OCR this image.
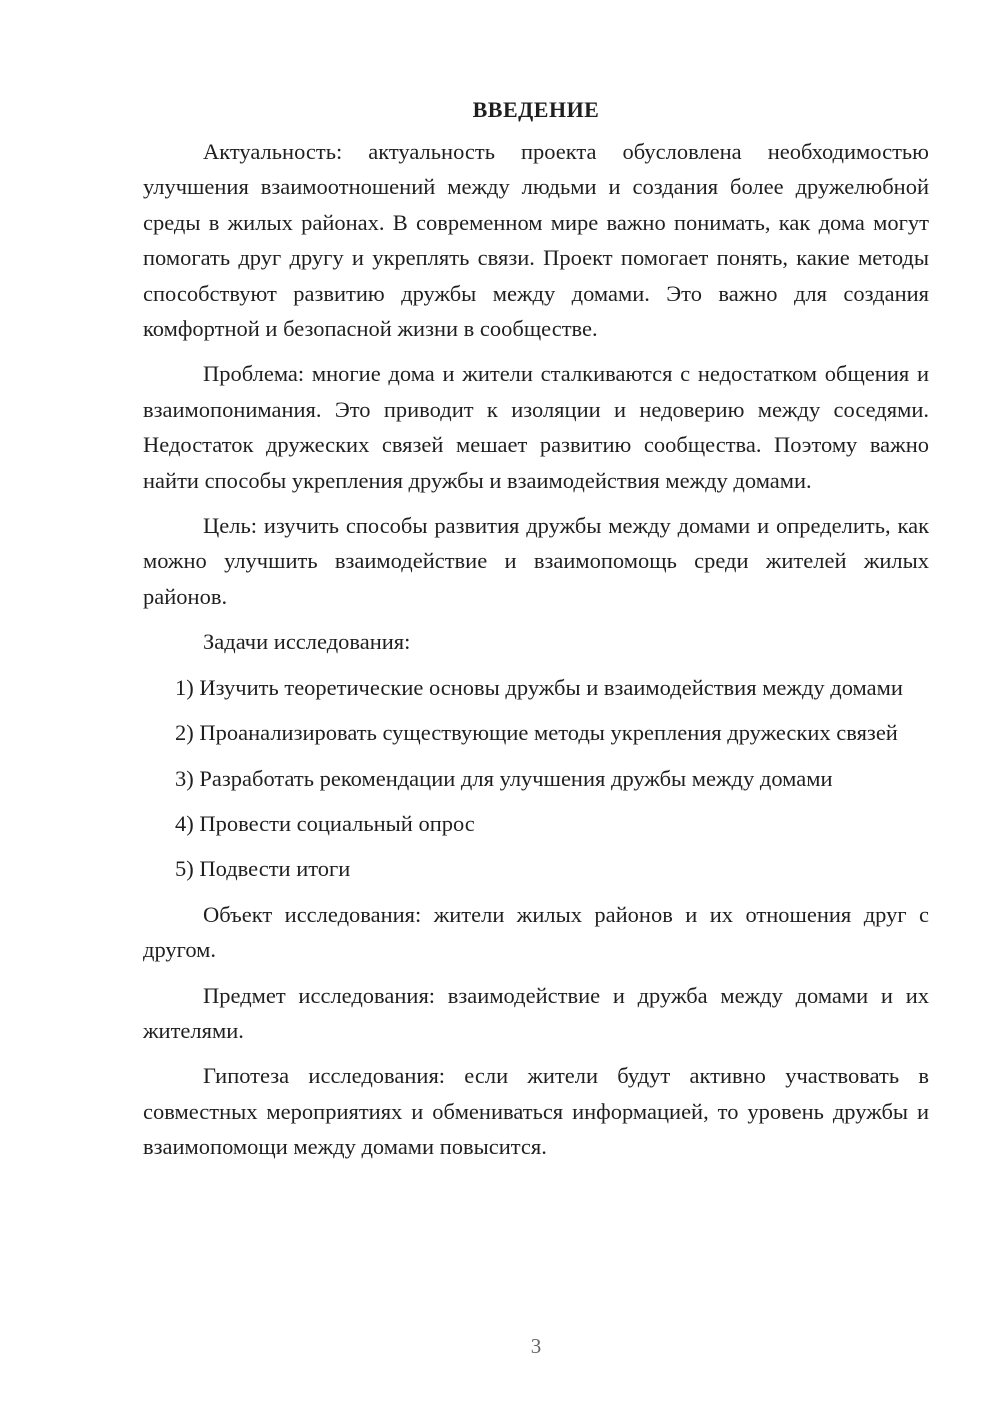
ВВЕДЕНИЕ

Актуальность: актуальность проекта обусловлена необходимостью улучшения взаимоотношений между людьми и создания более дружелюбной среды в жилых районах. В современном мире важно понимать, как дома могут помогать друг другу и укреплять связи. Проект помогает понять, какие методы способствуют развитию дружбы между домами. Это важно для создания комфортной и безопасной жизни в сообществе.

Проблема: многие дома и жители сталкиваются с недостатком общения и взаимопонимания. Это приводит к изоляции и недоверию между соседями. Недостаток дружеских связей мешает развитию сообщества. Поэтому важно найти способы укрепления дружбы и взаимодействия между домами.

Цель: изучить способы развития дружбы между домами и определить, как можно улучшить взаимодействие и взаимопомощь среди жителей жилых районов.

Задачи исследования:

1) Изучить теоретические основы дружбы и взаимодействия между домами

2) Проанализировать существующие методы укрепления дружеских связей

3) Разработать рекомендации для улучшения дружбы между домами

4) Провести социальный опрос

5) Подвести итоги

Объект исследования: жители жилых районов и их отношения друг с другом.

Предмет исследования: взаимодействие и дружба между домами и их жителями.

Гипотеза исследования: если жители будут активно участвовать в совместных мероприятиях и обмениваться информацией, то уровень дружбы и взаимопомощи между домами повысится.

3
